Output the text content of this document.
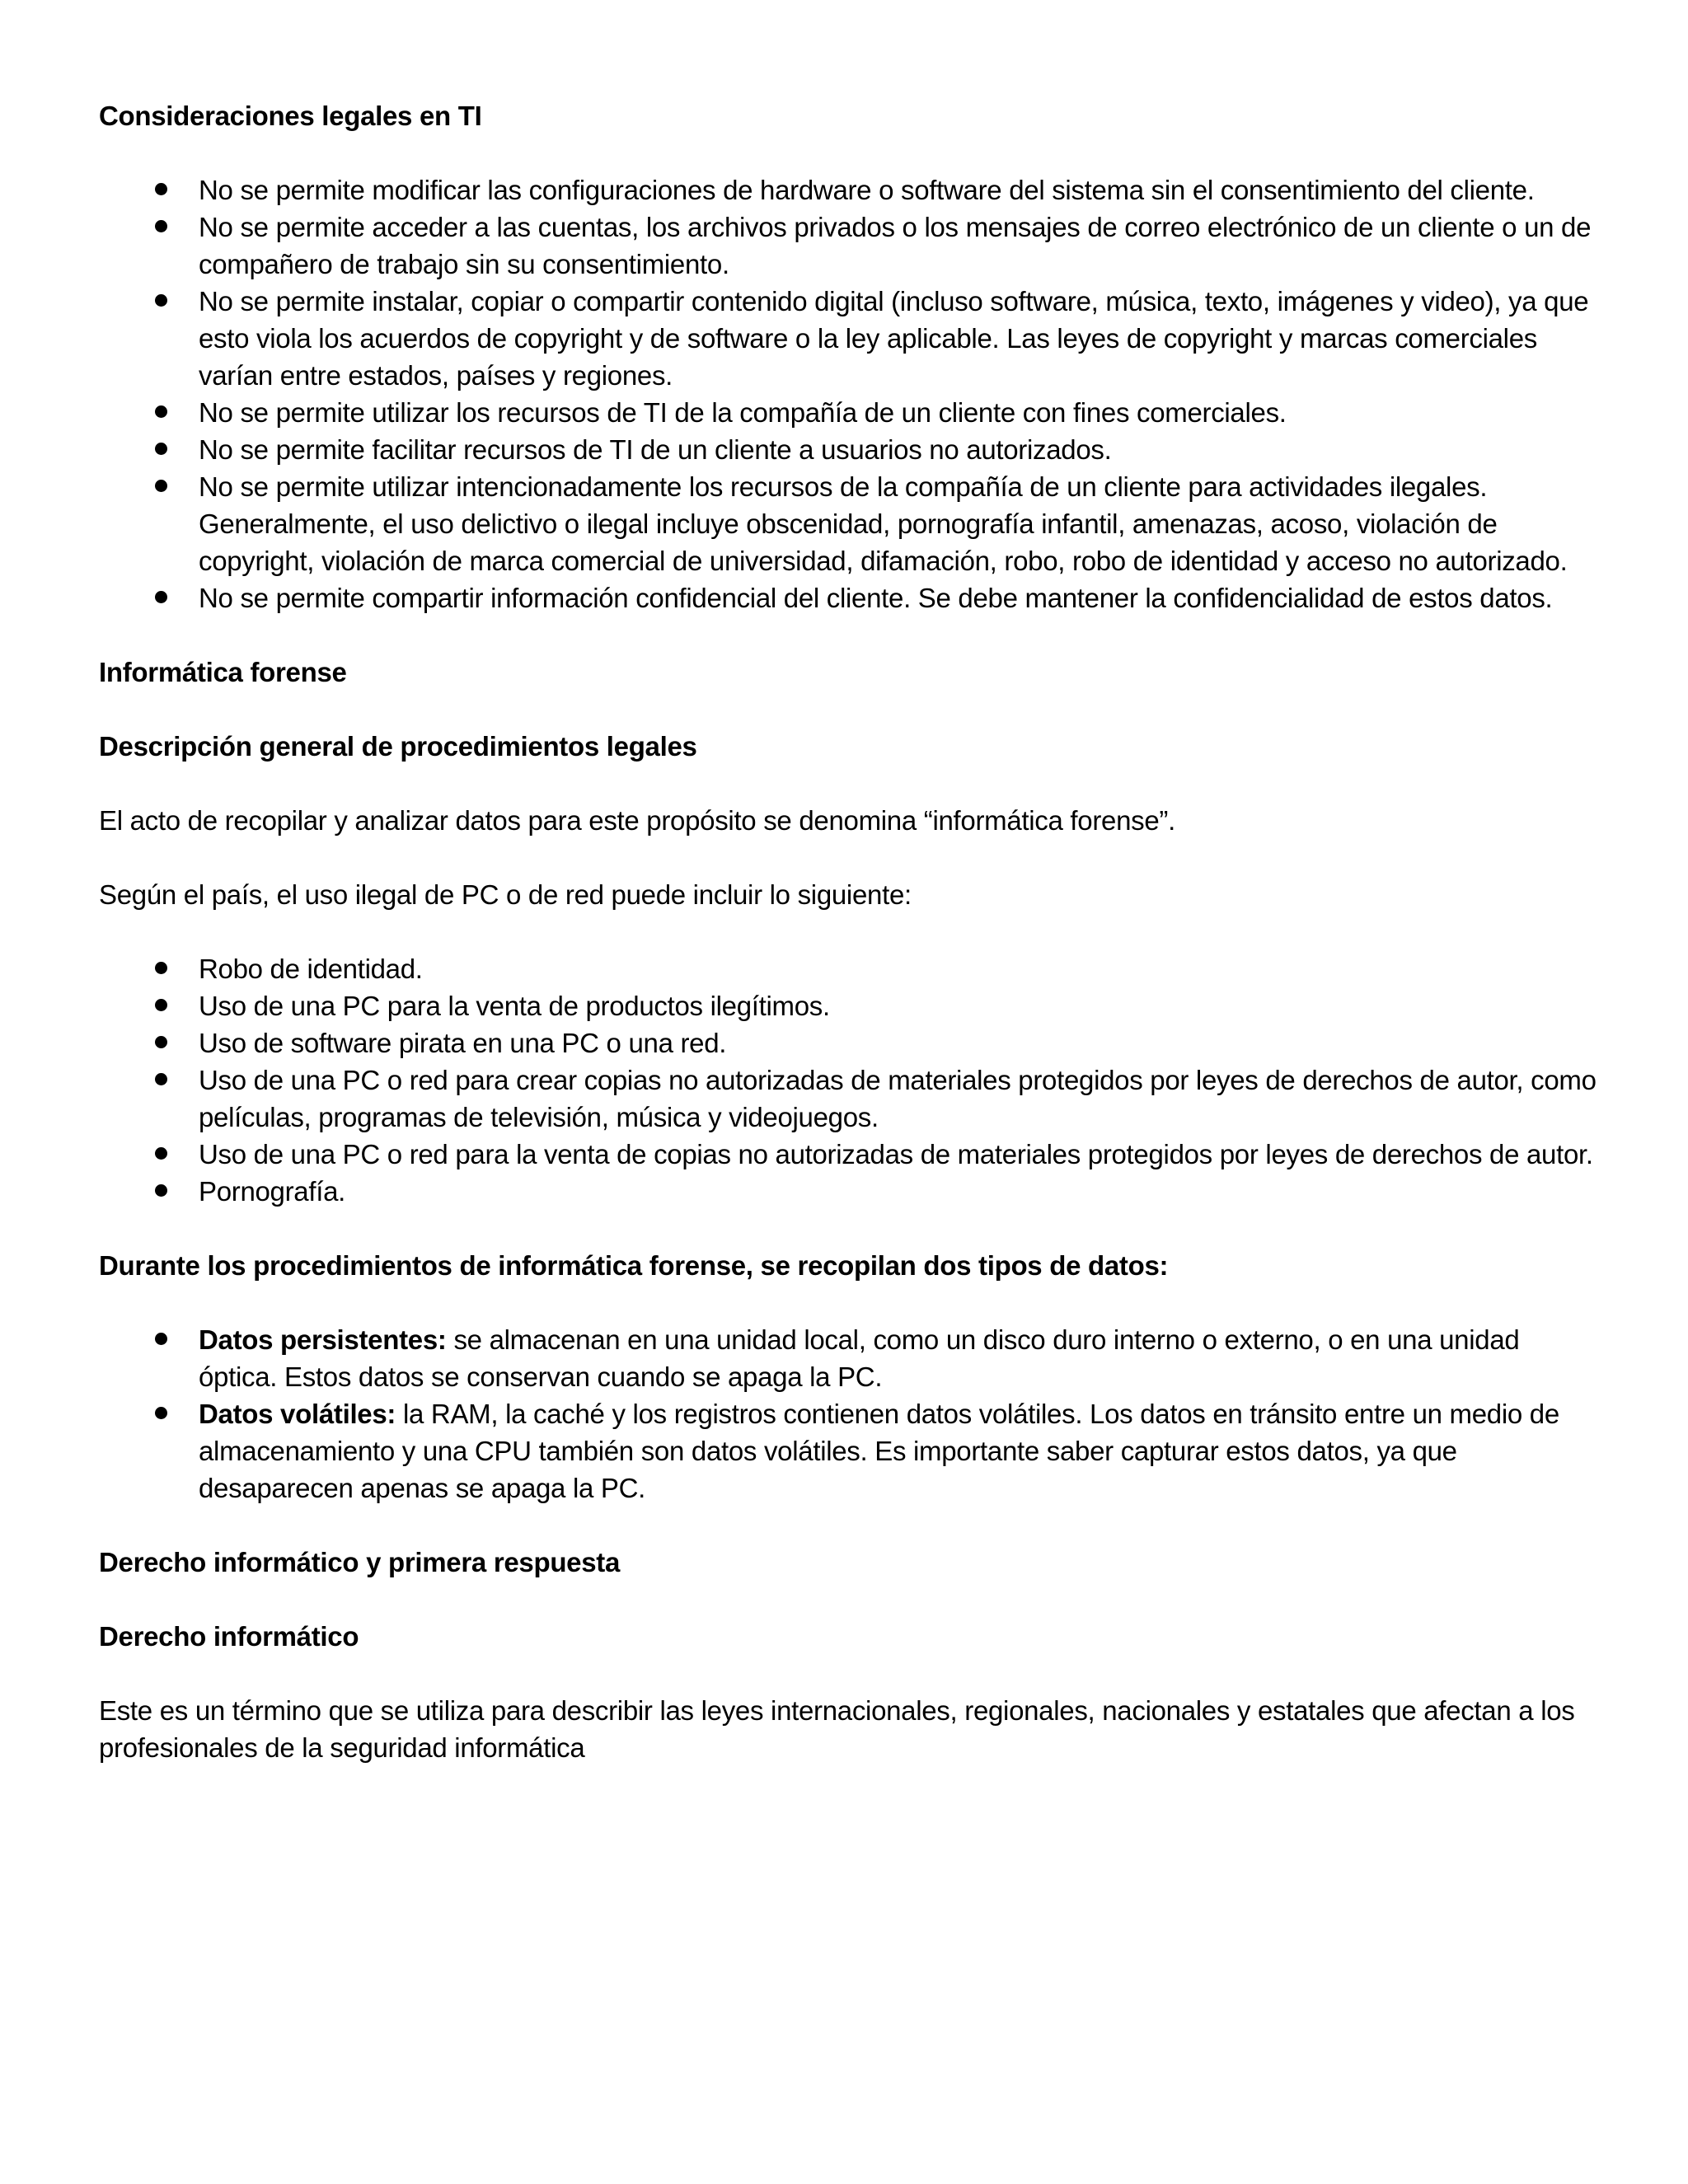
Consideraciones legales en TI
No se permite modificar las configuraciones de hardware o software del sistema sin el consentimiento del cliente.
No se permite acceder a las cuentas, los archivos privados o los mensajes de correo electrónico de un cliente o un de compañero de trabajo sin su consentimiento.
No se permite instalar, copiar o compartir contenido digital (incluso software, música, texto, imágenes y video), ya que esto viola los acuerdos de copyright y de software o la ley aplicable. Las leyes de copyright y marcas comerciales varían entre estados, países y regiones.
No se permite utilizar los recursos de TI de la compañía de un cliente con fines comerciales.
No se permite facilitar recursos de TI de un cliente a usuarios no autorizados.
No se permite utilizar intencionadamente los recursos de la compañía de un cliente para actividades ilegales. Generalmente, el uso delictivo o ilegal incluye obscenidad, pornografía infantil, amenazas, acoso, violación de copyright, violación de marca comercial de universidad, difamación, robo, robo de identidad y acceso no autorizado.
No se permite compartir información confidencial del cliente. Se debe mantener la confidencialidad de estos datos.
Informática forense
Descripción general de procedimientos legales
El acto de recopilar y analizar datos para este propósito se denomina “informática forense”.
Según el país, el uso ilegal de PC o de red puede incluir lo siguiente:
Robo de identidad.
Uso de una PC para la venta de productos ilegítimos.
Uso de software pirata en una PC o una red.
Uso de una PC o red para crear copias no autorizadas de materiales protegidos por leyes de derechos de autor, como películas, programas de televisión, música y videojuegos.
Uso de una PC o red para la venta de copias no autorizadas de materiales protegidos por leyes de derechos de autor.
Pornografía.
Durante los procedimientos de informática forense, se recopilan dos tipos de datos:
Datos persistentes: se almacenan en una unidad local, como un disco duro interno o externo, o en una unidad óptica. Estos datos se conservan cuando se apaga la PC.
Datos volátiles: la RAM, la caché y los registros contienen datos volátiles. Los datos en tránsito entre un medio de almacenamiento y una CPU también son datos volátiles. Es importante saber capturar estos datos, ya que desaparecen apenas se apaga la PC.
Derecho informático y primera respuesta
Derecho informático
Este es un término que se utiliza para describir las leyes internacionales, regionales, nacionales y estatales que afectan a los profesionales de la seguridad informática
